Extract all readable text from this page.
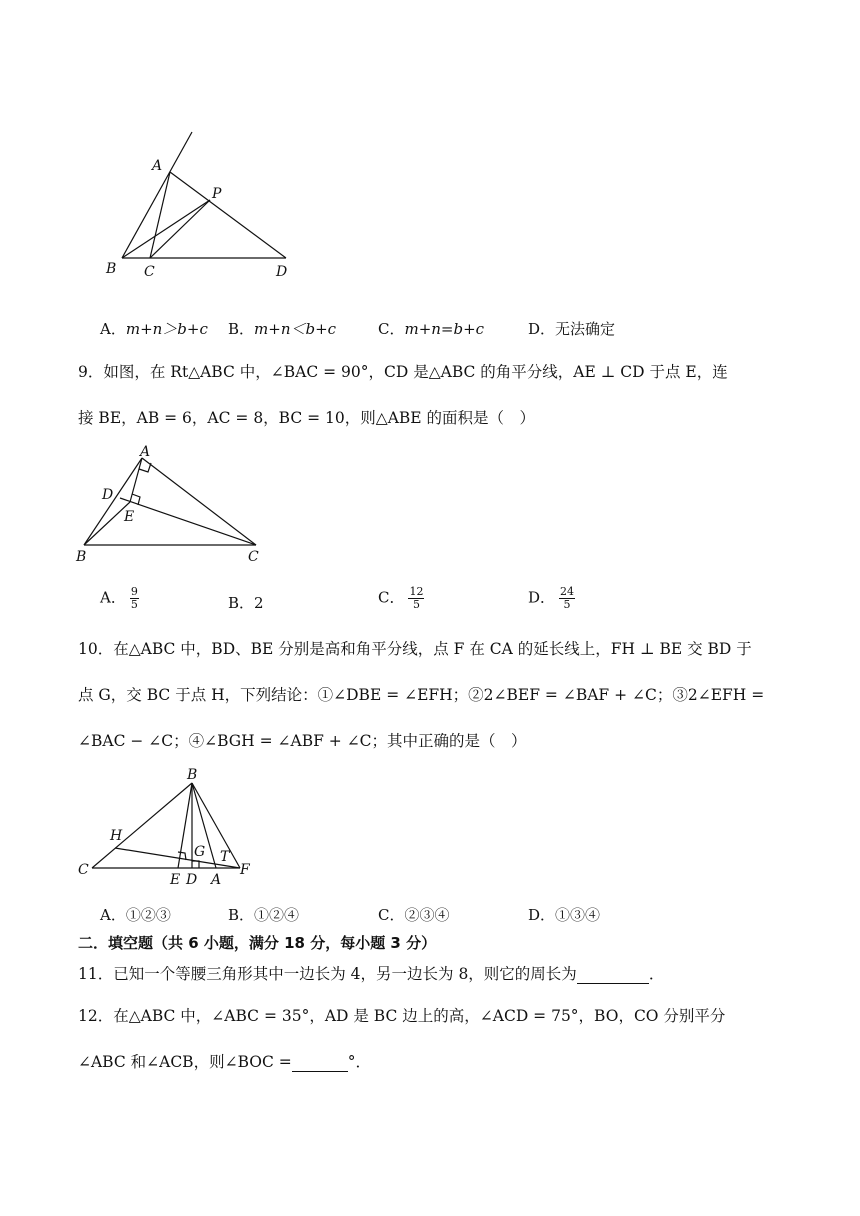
A
P
B C	D
A．m+n＞b+c B．m+n＜b+c	C．m+n=b+c	D．无法确定
9．如图，在 Rt△ABC 中，∠BAC = 90°，CD 是△ABC 的角平分线，AE ⊥ CD 于点 E，连
接 BE，AB = 6，AC = 8，BC = 10，则△ABE 的面积是（　）
A
D
E
B	C
A． $\frac{9}{5}$	B．2	C． $\frac{12}{5}$	D． $\frac{24}{5}$
10．在△ABC 中，BD、BE 分别是高和角平分线，点 F 在 CA 的延长线上，FH ⊥ BE 交 BD 于
点 G，交 BC 于点 H，下列结论：①∠DBE = ∠EFH；②2∠BEF = ∠BAF + ∠C；③2∠EFH =
∠BAC − ∠C；④∠BGH = ∠ABF + ∠C；其中正确的是（　）
B
H
G T
C
E D A
F
A．①②③	B．①②④	C．②③④	D．①③④
二．填空题（共 6 小题，满分 18 分，每小题 3 分）
11．已知一个等腰三角形其中一边长为 4，另一边长为 8，则它的周长为	．
12．在△ABC 中，∠ABC = 35°，AD 是 BC 边上的高，∠ACD = 75°，BO，CO 分别平分
∠ABC 和∠ACB，则∠BOC =	°．
